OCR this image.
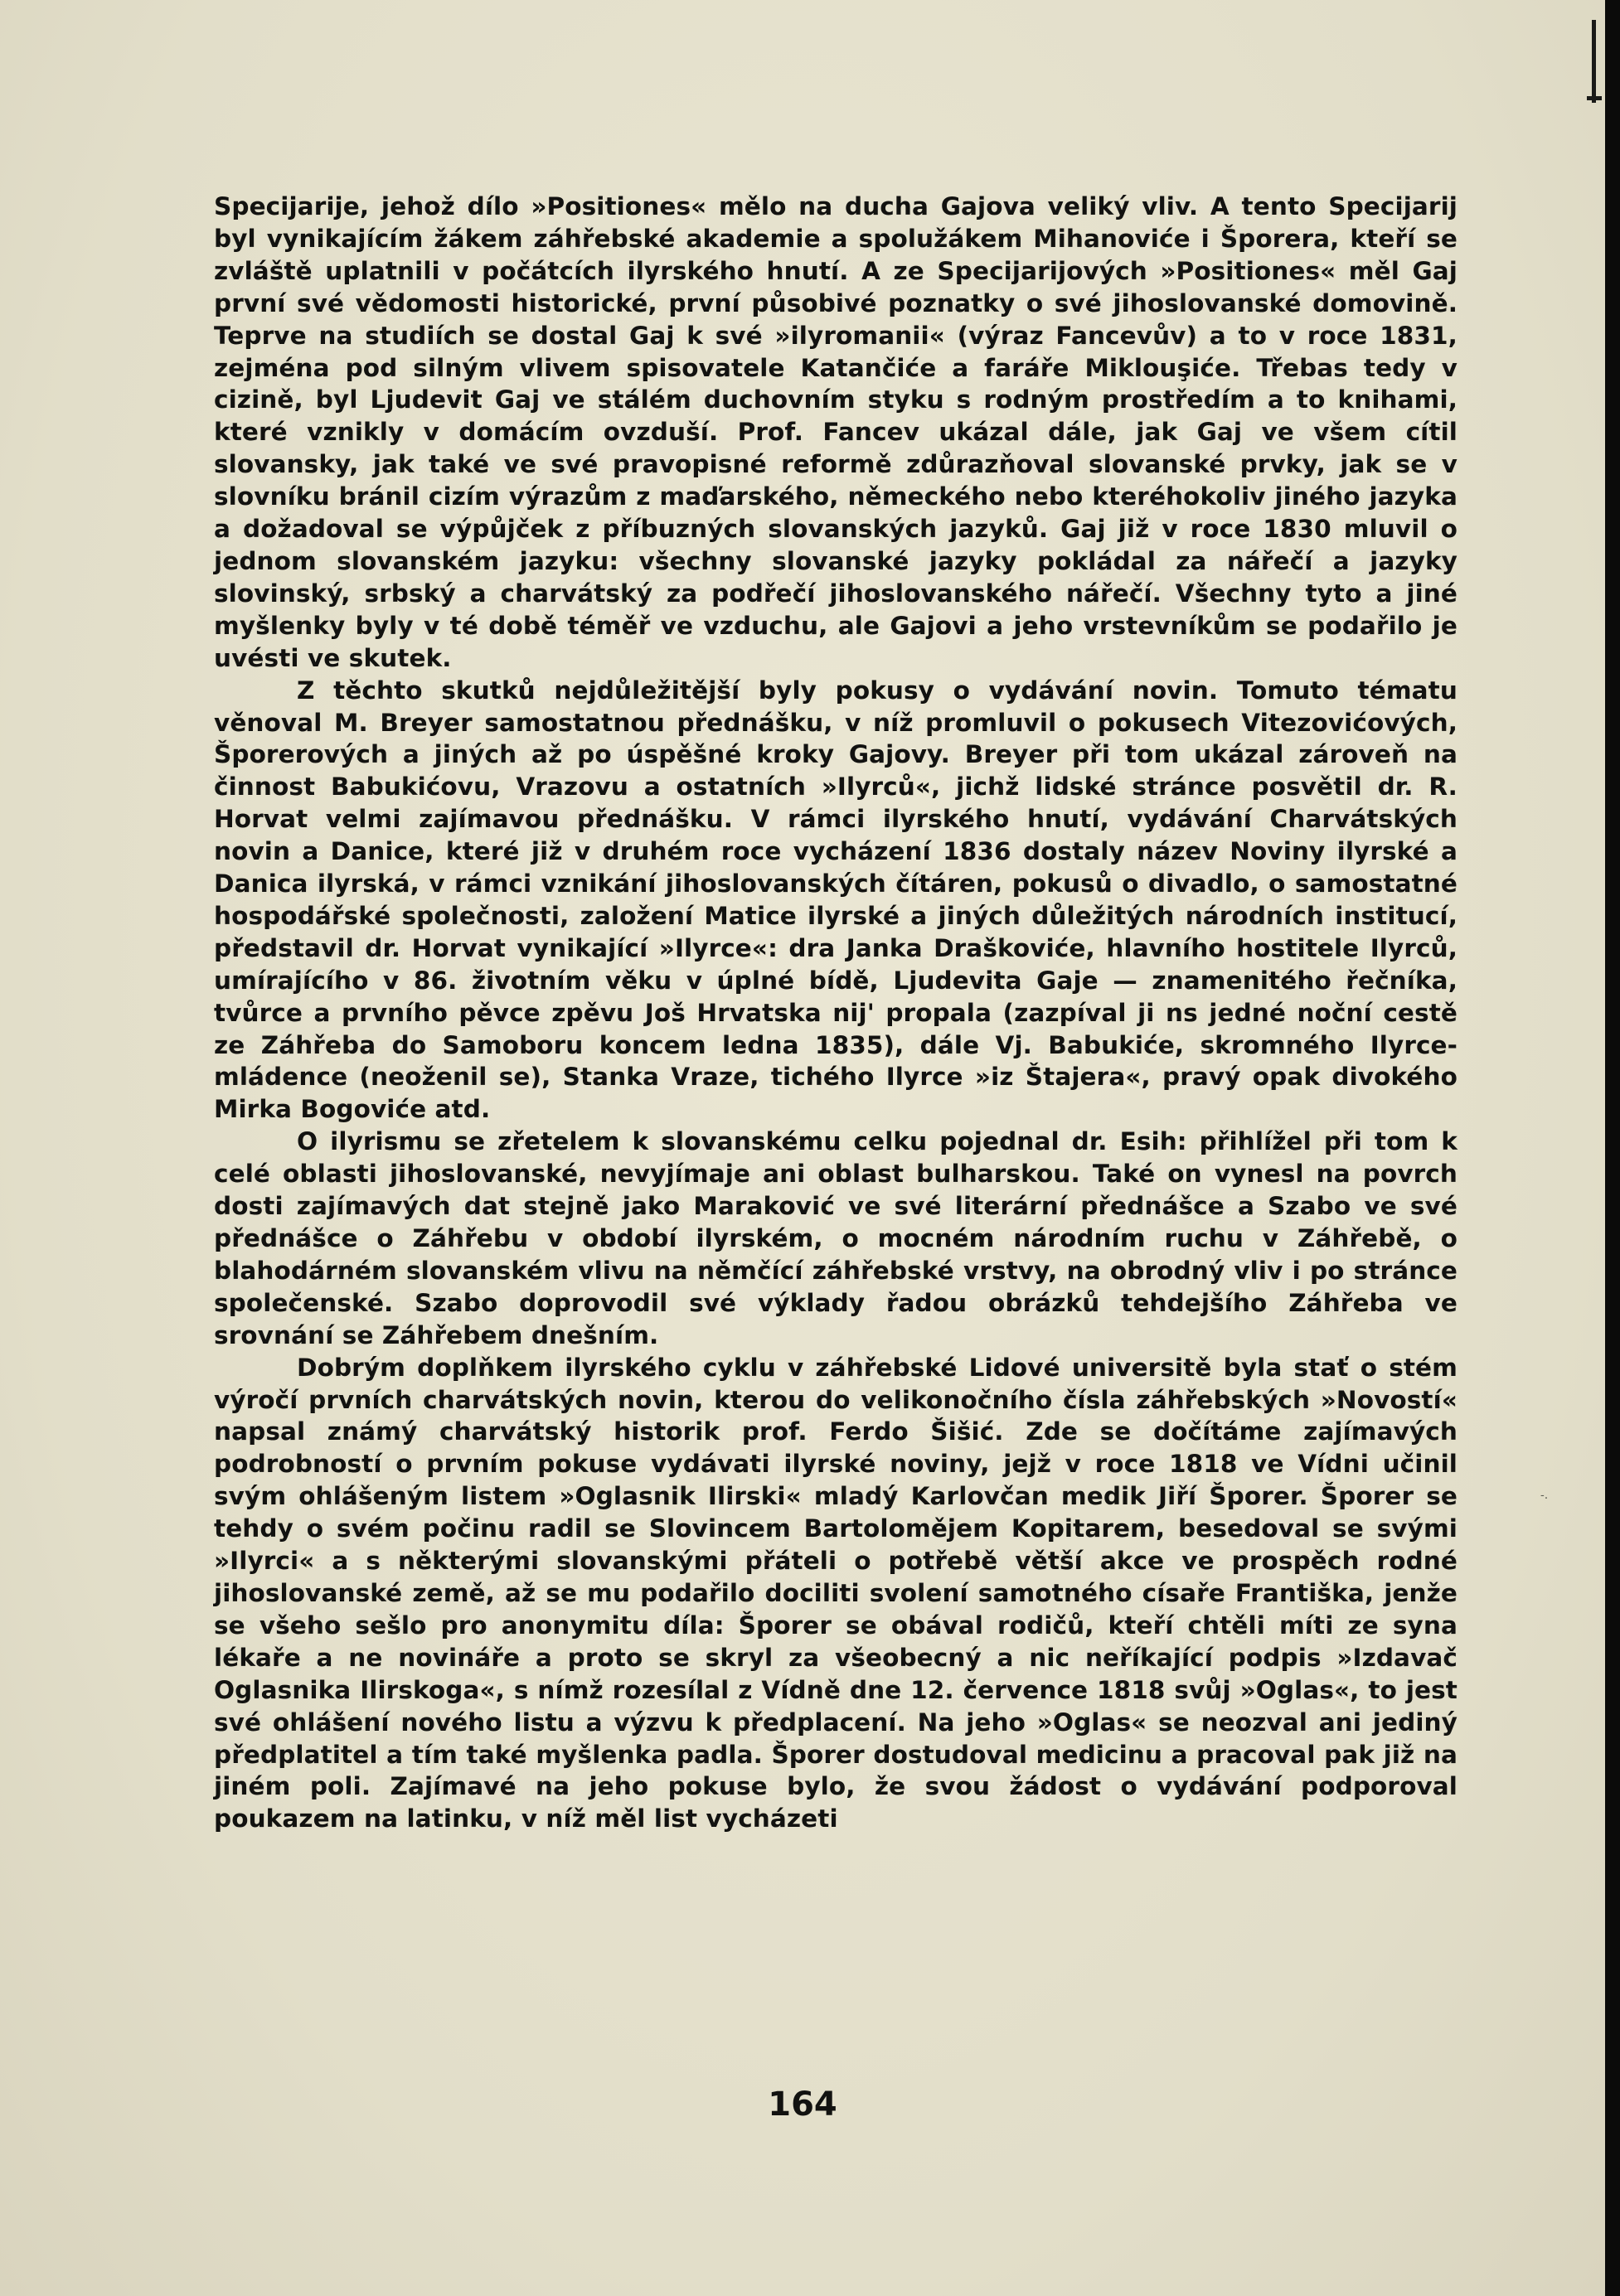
-.

Specijarije, jehož dílo »Positiones« mělo na ducha Gajova veliký vliv. A tento Specijarij byl vynikajícím žákem záhřebské akademie a spolužákem Mihanoviće i Šporera, kteří se zvláště uplatnili v počátcích ilyrského hnutí. A ze Specijarijových »Positiones« měl Gaj první své vědomosti historické, první působivé poznatky o své jihoslovanské domovině. Teprve na studiích se dostal Gaj k své »ilyromanii« (výraz Fancevův) a to v roce 1831, zejména pod silným vlivem spisovatele Katančiće a faráře Miklouşiće. Třebas tedy v cizině, byl Ljudevit Gaj ve stálém duchovním styku s rodným prostředím a to knihami, které vznikly v domácím ovzduší. Prof. Fancev ukázal dále, jak Gaj ve všem cítil slovansky, jak také ve své pravopisné reformě zdůrazňoval slovanské prvky, jak se v slovníku bránil cizím výrazům z maďarského, německého nebo kteréhokoliv jiného jazyka a dožadoval se výpůjček z příbuzných slovanských jazyků. Gaj již v roce 1830 mluvil o jednom slovanském jazyku: všechny slovanské jazyky pokládal za nářečí a jazyky slovinský, srbský a charvátský za podřečí jihoslovanského nářečí. Všechny tyto a jiné myšlenky byly v té době téměř ve vzduchu, ale Gajovi a jeho vrstevníkům se podařilo je uvésti ve skutek.

Z těchto skutků nejdůležitější byly pokusy o vydávání novin. Tomuto tématu věnoval M. Breyer samostatnou přednášku, v níž promluvil o pokusech Vitezovićových, Šporerových a jiných až po úspěšné kroky Gajovy. Breyer při tom ukázal zároveň na činnost Babukićovu, Vrazovu a ostatních »Ilyrců«, jichž lidské stránce posvětil dr. R. Horvat velmi zajímavou přednášku. V rámci ilyrského hnutí, vydávání Charvátských novin a Danice, které již v druhém roce vycházení 1836 dostaly název Noviny ilyrské a Danica ilyrská, v rámci vznikání jihoslovanských čítáren, pokusů o divadlo, o samostatné hospodářské společnosti, založení Matice ilyrské a jiných důležitých národních institucí, představil dr. Horvat vynikající »Ilyrce«: dra Janka Draškoviće, hlavního hostitele Ilyrců, umírajícího v 86. životním věku v úplné bídě, Ljudevita Gaje — znamenitého řečníka, tvůrce a prvního pěvce zpěvu Još Hrvatska nij' propala (zazpíval ji ns jedné noční cestě ze Záhřeba do Samoboru koncem ledna 1835), dále Vj. Babukiće, skromného Ilyrce-mládence (neoženil se), Stanka Vraze, tichého Ilyrce »iz Štajera«, pravý opak divokého Mirka Bogoviće atd.

O ilyrismu se zřetelem k slovanskému celku pojednal dr. Esih: přihlížel při tom k celé oblasti jihoslovanské, nevyjímaje ani oblast bulharskou. Také on vynesl na povrch dosti zajímavých dat stejně jako Maraković ve své literární přednášce a Szabo ve své přednášce o Záhřebu v období ilyrském, o mocném národním ruchu v Záhřebě, o blahodárném slovanském vlivu na němčící záhřebské vrstvy, na obrodný vliv i po stránce společenské. Szabo doprovodil své výklady řadou obrázků tehdejšího Záhřeba ve srovnání se Záhřebem dnešním.

Dobrým doplňkem ilyrského cyklu v záhřebské Lidové universitě byla stať o stém výročí prvních charvátských novin, kterou do velikonočního čísla záhřebských »Novostí« napsal známý charvátský historik prof. Ferdo Šišić. Zde se dočítáme zajímavých podrobností o prvním pokuse vydávati ilyrské noviny, jejž v roce 1818 ve Vídni učinil svým ohlášeným listem »Oglasnik Ilirski« mladý Karlovčan medik Jiří Šporer. Šporer se tehdy o svém počinu radil se Slovincem Bartolomějem Kopitarem, besedoval se svými »Ilyrci« a s některými slovanskými přáteli o potřebě větší akce ve prospěch rodné jihoslovanské země, až se mu podařilo dociliti svolení samotného císaře Františka, jenže se všeho sešlo pro anonymitu díla: Šporer se obával rodičů, kteří chtěli míti ze syna lékaře a ne novináře a proto se skryl za všeobecný a nic neříkající podpis »Izdavač Oglasnika Ilirskoga«, s nímž rozesílal z Vídně dne 12. července 1818 svůj »Oglas«, to jest své ohlášení nového listu a výzvu k předplacení. Na jeho »Oglas« se neozval ani jediný předplatitel a tím také myšlenka padla. Šporer dostudoval medicinu a pracoval pak již na jiném poli. Zajímavé na jeho pokuse bylo, že svou žádost o vydávání podporoval poukazem na latinku, v níž měl list vycházeti

164
